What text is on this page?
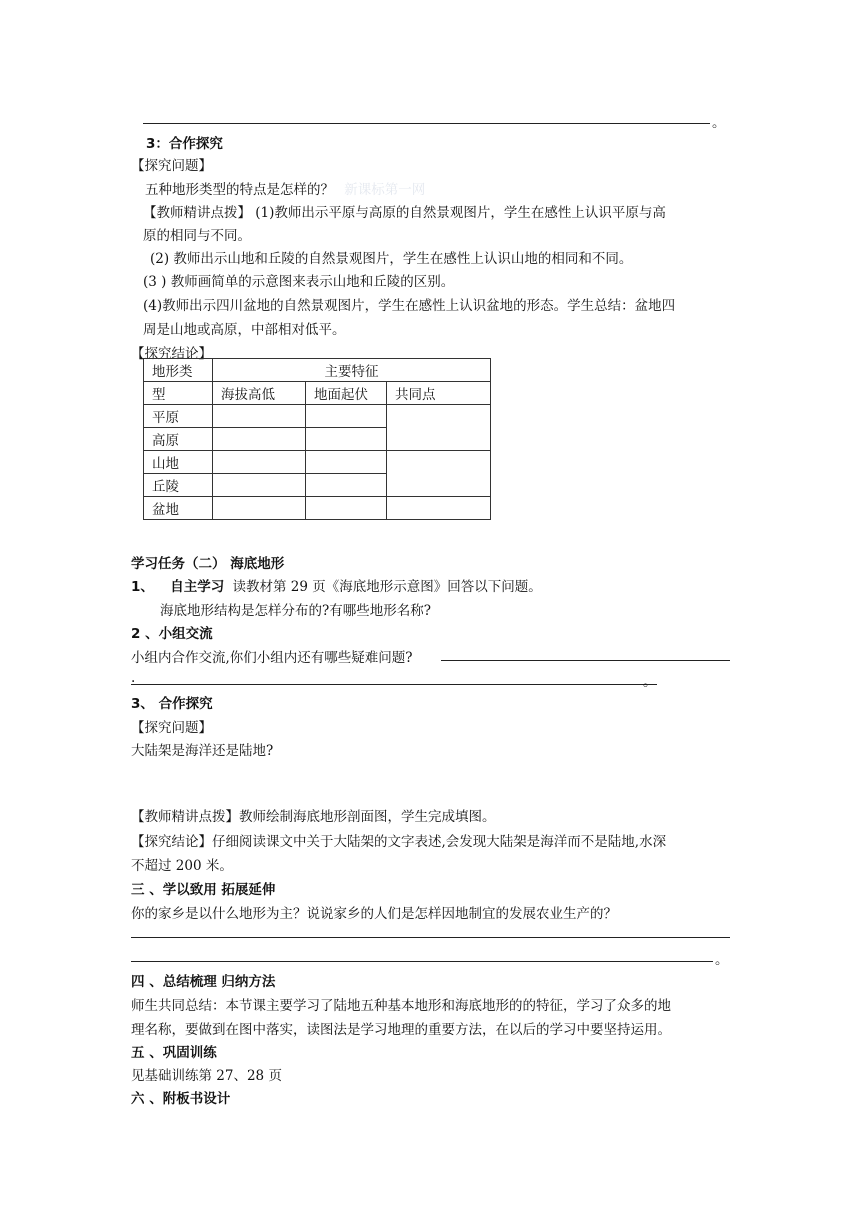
。
3：合作探究
【探究问题】
五种地形类型的特点是怎样的？ 新课标第一网
【教师精讲点拨】 (1)教师出示平原与高原的自然景观图片，学生在感性上认识平原与高
原的相同与不同。
(2) 教师出示山地和丘陵的自然景观图片，学生在感性上认识山地的相同和不同。
(3 ) 教师画简单的示意图来表示山地和丘陵的区别。
(4)教师出示四川盆地的自然景观图片，学生在感性上认识盆地的形态。学生总结：盆地四
周是山地或高原，中部相对低平。
【探究结论】
地形类	主要特征		
型	海拔高低	地面起伏	共同点
平原			
高原			
山地			
丘陵			
盆地			
学习任务（二） 海底地形
1、 自主学习 读教材第 29 页《海底地形示意图》回答以下问题。
海底地形结构是怎样分布的?有哪些地形名称?
2 、小组交流
小组内合作交流,你们小组内还有哪些疑难问题?
.	。
3、 合作探究
【探究问题】
大陆架是海洋还是陆地?
【教师精讲点拨】教师绘制海底地形剖面图，学生完成填图。
【探究结论】仔细阅读课文中关于大陆架的文字表述,会发现大陆架是海洋而不是陆地,水深
不超过 200 米。
三 、学以致用 拓展延伸
你的家乡是以什么地形为主？说说家乡的人们是怎样因地制宜的发展农业生产的？
。
四 、总结梳理 归纳方法
师生共同总结：本节课主要学习了陆地五种基本地形和海底地形的的特征，学习了众多的地
理名称，要做到在图中落实，读图法是学习地理的重要方法，在以后的学习中要坚持运用。
五 、巩固训练
见基础训练第 27、28 页
六 、附板书设计
